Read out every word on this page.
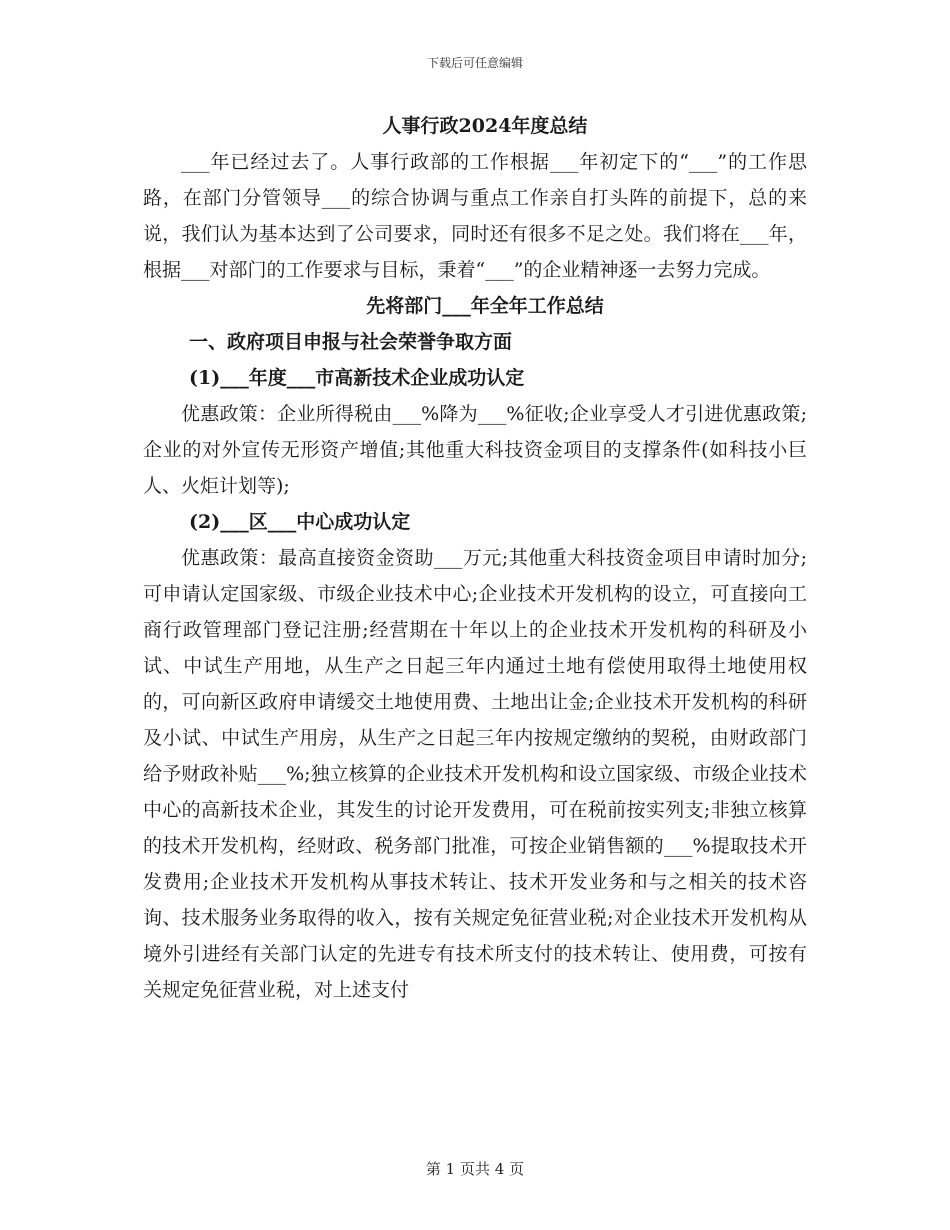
下载后可任意编辑
人事行政2024年度总结

___年已经过去了。人事行政部的工作根据___年初定下的“___”的工作思路，在部门分管领导___的综合协调与重点工作亲自打头阵的前提下，总的来说，我们认为基本达到了公司要求，同时还有很多不足之处。我们将在___年，根据___对部门的工作要求与目标，秉着“___”的企业精神逐一去努力完成。

先将部门___年全年工作总结
一、政府项目申报与社会荣誉争取方面
(1)___年度___市高新技术企业成功认定

优惠政策：企业所得税由___%降为___%征收;企业享受人才引进优惠政策;企业的对外宣传无形资产增值;其他重大科技资金项目的支撑条件(如科技小巨人、火炬计划等);

(2)___区___中心成功认定

优惠政策：最高直接资金资助___万元;其他重大科技资金项目申请时加分;可申请认定国家级、市级企业技术中心;企业技术开发机构的设立，可直接向工商行政管理部门登记注册;经营期在十年以上的企业技术开发机构的科研及小试、中试生产用地，从生产之日起三年内通过土地有偿使用取得土地使用权的，可向新区政府申请缓交土地使用费、土地出让金;企业技术开发机构的科研及小试、中试生产用房，从生产之日起三年内按规定缴纳的契税，由财政部门给予财政补贴___%;独立核算的企业技术开发机构和设立国家级、市级企业技术中心的高新技术企业，其发生的讨论开发费用，可在税前按实列支;非独立核算的技术开发机构，经财政、税务部门批准，可按企业销售额的___%提取技术开发费用;企业技术开发机构从事技术转让、技术开发业务和与之相关的技术咨询、技术服务业务取得的收入，按有关规定免征营业税;对企业技术开发机构从境外引进经有关部门认定的先进专有技术所支付的技术转让、使用费，可按有关规定免征营业税，对上述支付

第 1 页共 4 页
